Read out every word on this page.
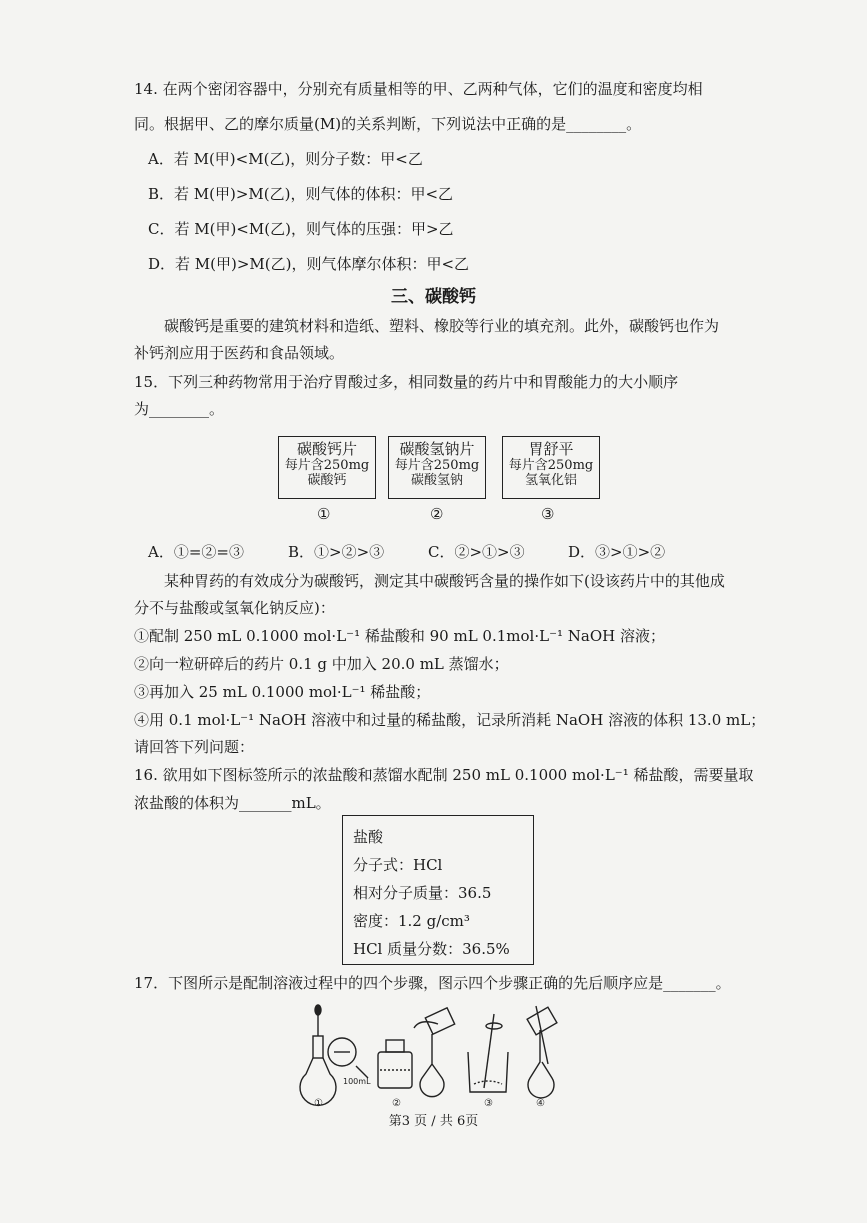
14. 在两个密闭容器中，分别充有质量相等的甲、乙两种气体，它们的温度和密度均相
同。根据甲、乙的摩尔质量(M)的关系判断，下列说法中正确的是________。
A．若 M(甲)<M(乙)，则分子数：甲<乙
B．若 M(甲)>M(乙)，则气体的体积：甲<乙
C．若 M(甲)<M(乙)，则气体的压强：甲>乙
D．若 M(甲)>M(乙)，则气体摩尔体积：甲<乙
三、碳酸钙
碳酸钙是重要的建筑材料和造纸、塑料、橡胶等行业的填充剂。此外，碳酸钙也作为
补钙剂应用于医药和食品领域。
15．下列三种药物常用于治疗胃酸过多，相同数量的药片中和胃酸能力的大小顺序
为________。
碳酸钙片
每片含250mg
碳酸钙
碳酸氢钠片
每片含250mg
碳酸氢钠
胃舒平
每片含250mg
氢氧化铝
①	②	③
A．①=②=③	B．①>②>③	C．②>①>③	D．③>①>②
某种胃药的有效成分为碳酸钙，测定其中碳酸钙含量的操作如下(设该药片中的其他成
分不与盐酸或氢氧化钠反应)：
①配制 250 mL 0.1000 mol·L⁻¹ 稀盐酸和 90 mL 0.1mol·L⁻¹ NaOH 溶液；
②向一粒研碎后的药片 0.1 g 中加入 20.0 mL 蒸馏水；
③再加入 25 mL 0.1000 mol·L⁻¹ 稀盐酸；
④用 0.1 mol·L⁻¹ NaOH 溶液中和过量的稀盐酸，记录所消耗 NaOH 溶液的体积 13.0 mL；
请回答下列问题：
16. 欲用如下图标签所示的浓盐酸和蒸馏水配制 250 mL 0.1000 mol·L⁻¹ 稀盐酸，需要量取
浓盐酸的体积为_______mL。
盐酸
分子式：HCl
相对分子质量：36.5
密度：1.2 g/cm³
HCl 质量分数：36.5%
17．下图所示是配制溶液过程中的四个步骤，图示四个步骤正确的先后顺序应是_______。
100mL
①	②	③	④
第3 页 / 共 6页
